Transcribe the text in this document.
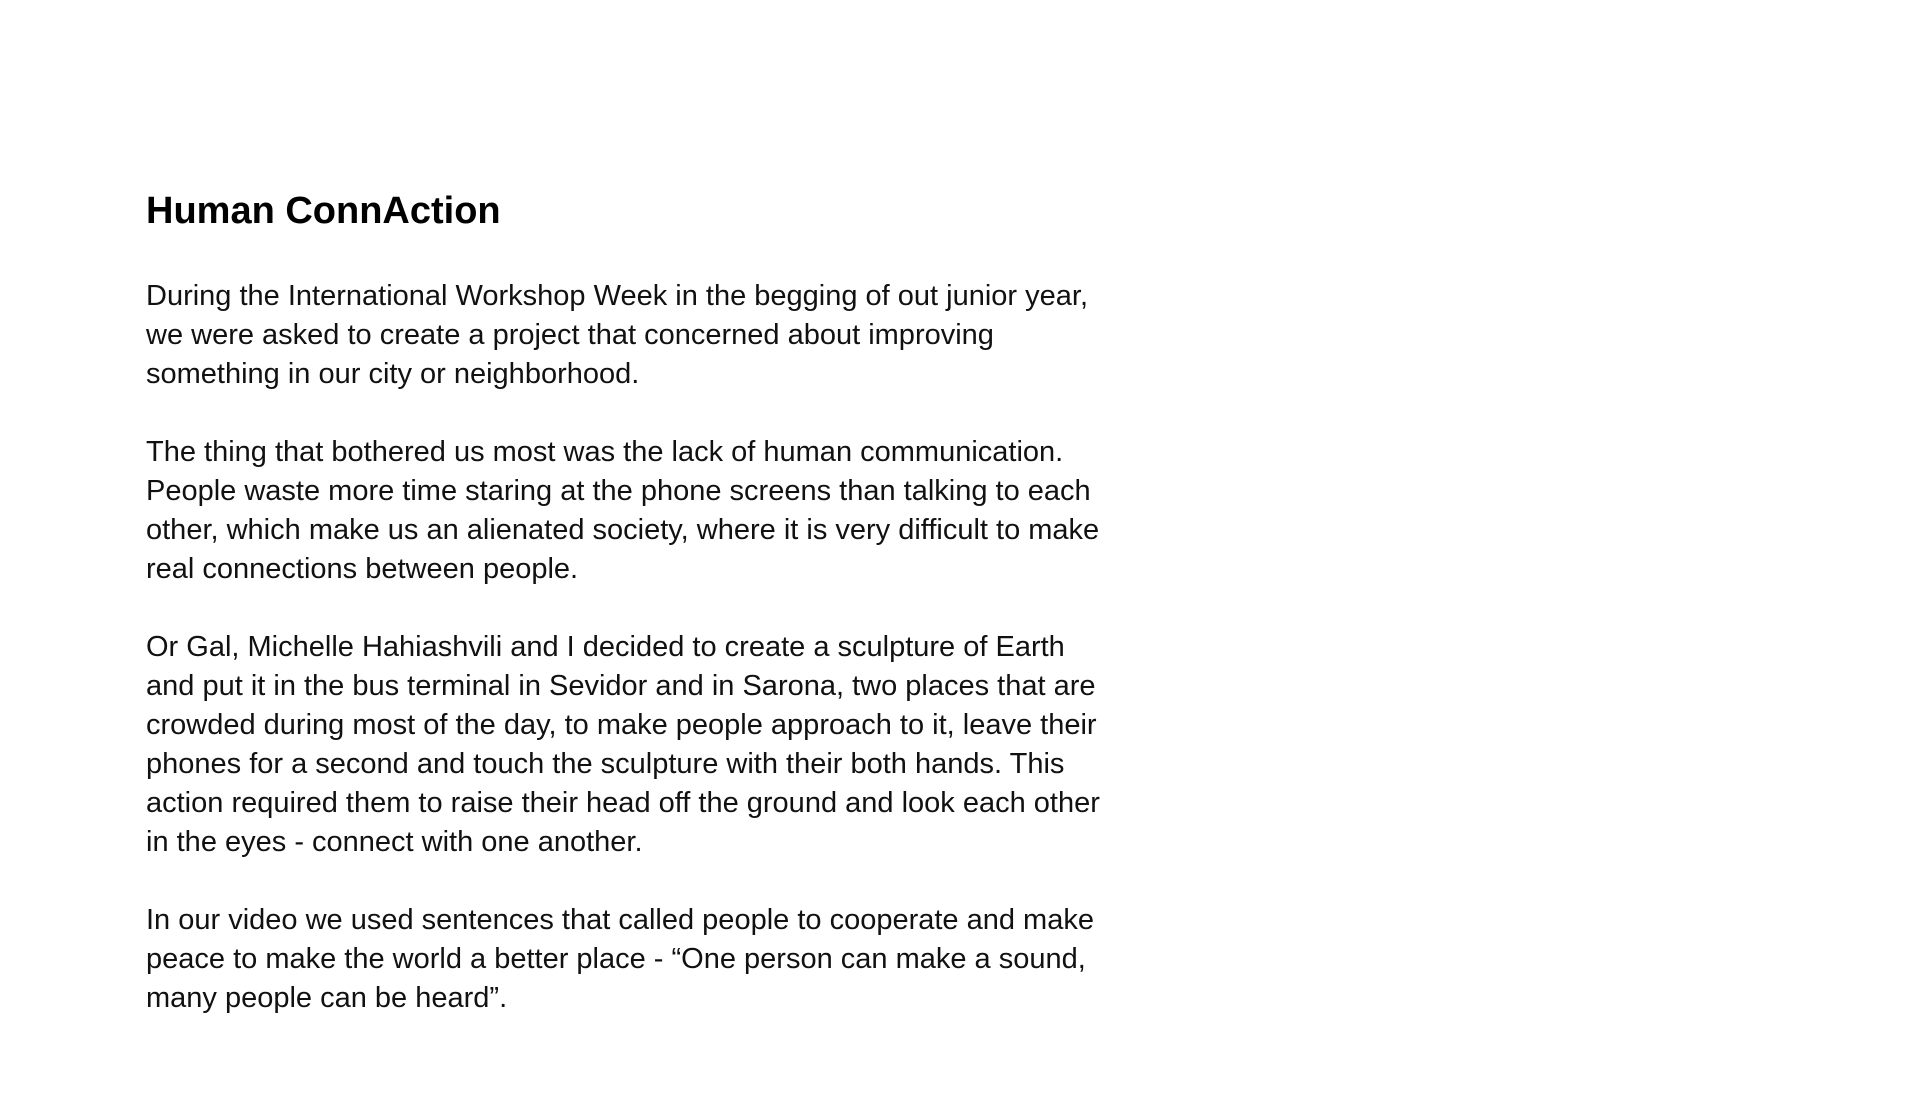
Human ConnAction

During the International Workshop Week in the begging of out junior year,
we were asked to create a project that concerned about improving
something in our city or neighborhood.

The thing that bothered us most was the lack of human communication.
People waste more time staring at the phone screens than talking to each
other, which make us an alienated society, where it is very difficult to make
real connections between people.

Or Gal, Michelle Hahiashvili and I decided to create a sculpture of Earth
and put it in the bus terminal in Sevidor and in Sarona, two places that are
crowded during most of the day, to make people approach to it, leave their
phones for a second and touch the sculpture with their both hands. This
action required them to raise their head off the ground and look each other
in the eyes - connect with one another.

In our video we used sentences that called people to cooperate and make
peace to make the world a better place - “One person can make a sound,
many people can be heard”.
